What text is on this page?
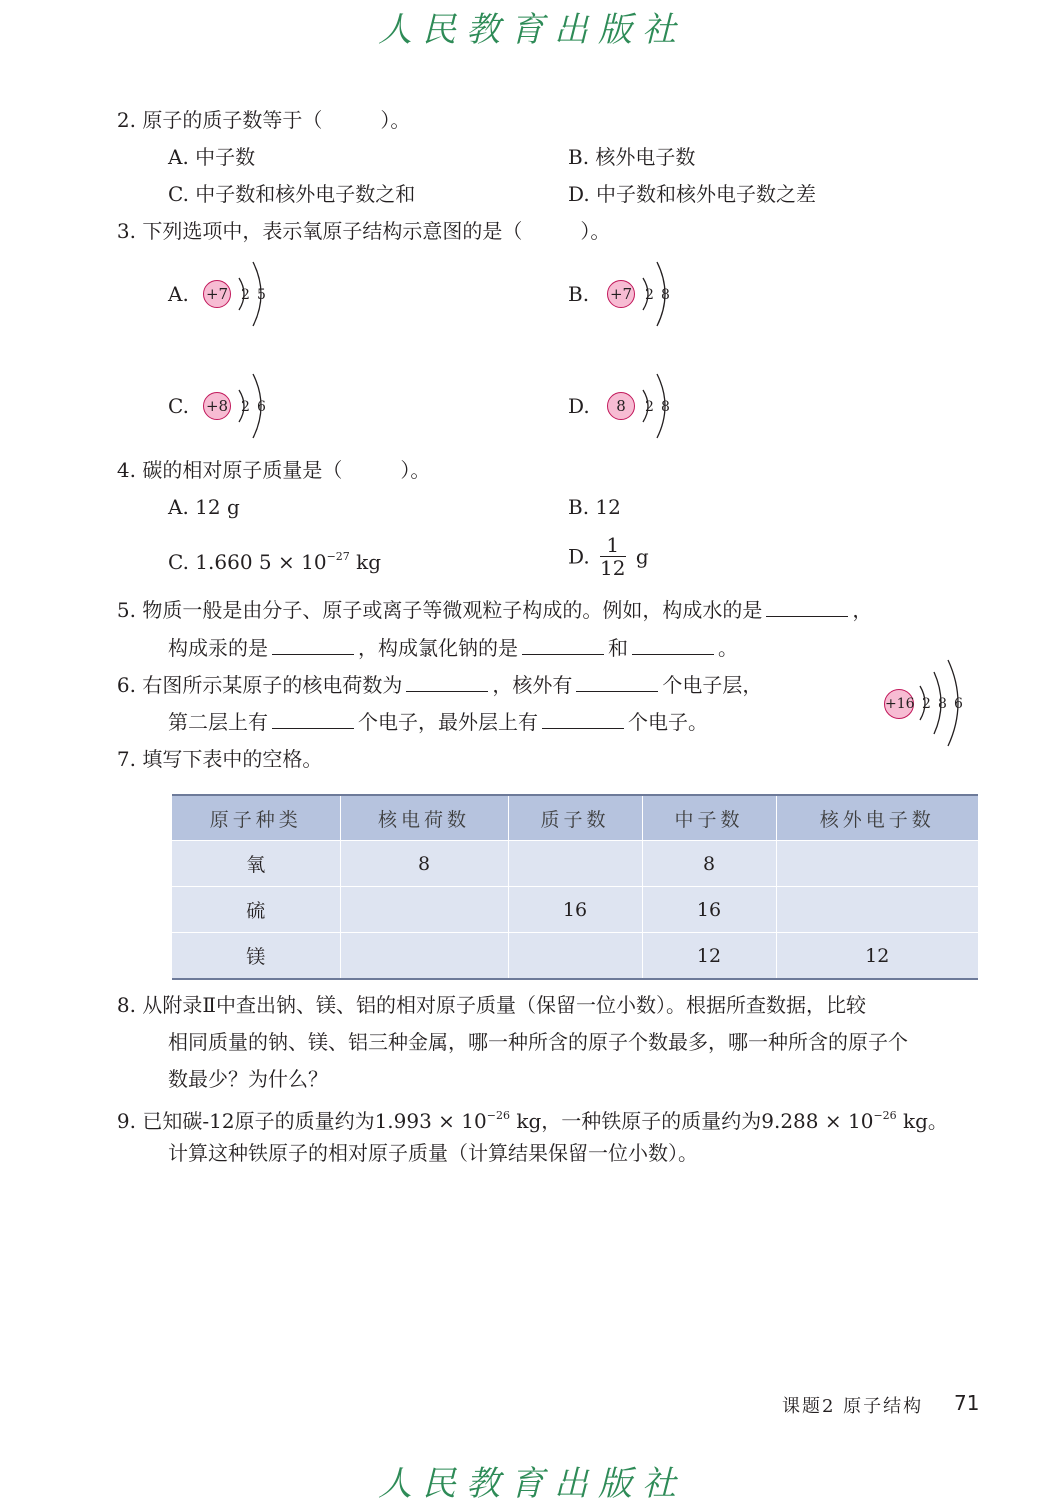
人民教育出版社
2. 原子的质子数等于（	）。
A. 中子数	B. 核外电子数
C. 中子数和核外电子数之和	D. 中子数和核外电子数之差
3. 下列选项中，表示氧原子结构示意图的是（	）。
A. +7 2 5	B. +7 2 8
C. +8 2 6	D.	8	2 8
4. 碳的相对原子质量是（	）。
A. 12 g	B. 12
C. 1.660 $5 \times 10^{-27}$ kg	D. $\frac{1}{12}$ g
5. 物质一般是由分子、原子或离子等微观粒子构成的。例如，构成水的是	，
构成汞的是	，构成氯化钠的是	和	。
6. 右图所示某原子的核电荷数为	，核外有	个电子层，
第二层上有	个电子，最外层上有	个电子。
+16 2 8 6
7. 填写下表中的空格。
原子种类	核电荷数	质子数	中子数	核外电子数
氧	8		8	
硫		16	16	
镁			12	12
8. 从附录Ⅱ中查出钠、镁、铝的相对原子质量（保留一位小数）。根据所查数据，比较
相同质量的钠、镁、铝三种金属，哪一种所含的原子个数最多，哪一种所含的原子个
数最少？为什么？
9. 已知碳-12原子的质量约为$1.993 \times 10^{-26}$ kg，一种铁原子的质量约为$9.288 \times 10^{-26}$ kg。
计算这种铁原子的相对原子质量（计算结果保留一位小数）。
课题2 原子结构 71
人民教育出版社
